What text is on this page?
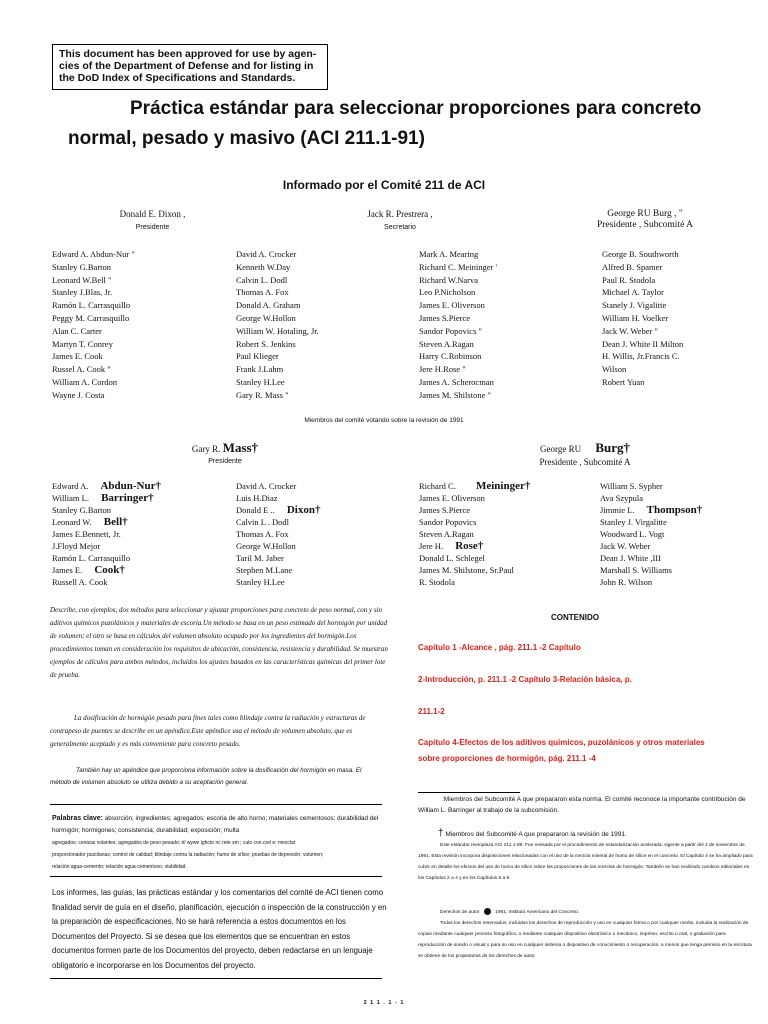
This document has been approved for use by agen-cies of the Department of Defense and for listing in the DoD Index of Specifications and Standards.
Práctica estándar para seleccionar proporciones para concreto
normal, pesado y masivo (ACI 211.1-91)
Informado por el Comité 211 de ACI
Donald E. Dixon ,
Presidente
Jack R. Prestrera ,
Secretario
George RU Burg , "
Presidente , Subcomité A
Edward A. Abdun-Nur "
Stanley G.Barton
Leonard W.Bell "
Stanley J.Blas, Jr.
Ramón L. Carrasquillo
Peggy M. Carrasquillo
Alan C. Carter
Martyn T. Conrey
James E. Cook
Russel A. Cook "
William A. Cordon
Wayne J. Costa
David A. Crocker
Kenneth W.Day
Calvin L. Dodl
Thomas A. Fox
Donald A. Graham
George W.Hollon
William W. Hotaling, Jr.
Robert S. Jenkins
Paul Klieger
Frank J.Lahm
Stanley H.Lee
Gary R. Mass "
Mark A. Mearing
Richard C. Meininger '
Richard W.Narva
Leo P.Nicholson
James E. Oliverson
James S.Pierce
Sandor Popovics "
Steven A.Ragan
Harry C.Robinson
Jere H.Rose "
James A. Scherocman
James M. Shilstone "
George B. Southworth
Alfred B. Spamer
Paul R. Stodola
Michael A. Taylor
Stanely J. Vigalitte
William H. Voelker
Jack W. Weber "
Dean J. White II Milton
H. Willis, Jr.Francis C.
Wilson
Robert Yuan
Miembros del comité votando sobre la revisión de 1991
Gary R. Mass†
Presidente
George RU Burg†
Presidente , Subcomité A
Edward A. Abdun-Nur†
William L. Barringer†
Stanley G.Barton
Leonard W. Bell†
James E.Bennett, Jr.
J.Floyd Mejor
Ramón L. Carrasquillo
James E. Cook†
Russell A. Cook
David A. Crocker
Luis H.Diaz
Donald E .. Dixon†
Calvin L . Dodl
Thomas A. Fox
George W.Hollon
Taril M. Jaber
Stephen M.Lane
Stanley H.Lee
Richard C. Meininger†
James E. Oliverson
James S.Pierce
Sandor Popovics
Steven A.Ragan
Jere H. Rose†
Donald L. Schlegel
James M. Shilstone, Sr.Paul
R. Stodola
William S. Sypher
Ava Szypula
Jimmie L. Thompson†
Stanley J. Virgalitte
Woodward L. Vogt
Jack W. Weber
Dean J. White ,III
Marshall S. Williams
John R. Wilson
Describe, con ejemplos, dos métodos para seleccionar y ajustar proporciones para concreto de peso normal, con y sin aditivos químicos puzolánicos y materiales de escoria.Un método se basa en un peso estimado del hormigón por unidad de volumen; el otro se basa en cálculos del volumen absoluto ocupado por los ingredientes del hormigón.Los procedimientos toman en consideración los requisitos de ubicación, consistencia, resistencia y durabilidad. Se muestran ejemplos de cálculos para ambos métodos, incluidos los ajustes basados en las características químicas del primer lote de prueba.
La dosificación de hormigón pesado para fines tales como blindaje contra la radiación y estructuras de contrapeso de puentes se describe en un apéndice.Este apéndice usa el método de volumen absoluto, que es generalmente aceptado y es más conveniente para concreto pesado.
También hay un apéndice que proporciona información sobre la dosificación del hormigón en masa. El método de volumen absoluto se utiliza debido a su aceptación general.
Palabras clave: absorción; ingredientes; agregados; escoria de alto horno; materiales cementosos; durabilidad del
hormigón; hormigones; consistencia; durabilidad; exposición; multa
agregados: cenizas volantes; agregados de peso pesado; él wywe ighcto nc rete sm ; culo con.crel e; mezclar
proporcionador puzolanas; control de calidad; blindaje contra la radiación; humo de sílice; pruebas de depresión; volumen;
relación agua-cemento; relación agua-cementoso; viabilidad.
Los informes, las guías, las prácticas estándar y los comentarios del comité de ACI tienen como finalidad servir de guía en el diseño, planificación, ejecución o inspección de la construcción y en la preparación de especificaciones. No se hará referencia a estos documentos en los Documentos del Proyecto. Si se desea que los elementos que se encuentran en estos documentos formen parte de los Documentos del proyecto, deben redactarse en un lenguaje obligatorio e incorporarse en los Documentos del proyecto.
CONTENIDO
Capítulo 1 -Alcance , pág. 211.1 -2 Capítulo
2-Introducción, p. 211.1 -2 Capítulo 3-Relación básica, p.
211.1-2
Capítulo 4-Efectos de los aditivos químicos, puzolánicos y otros materiales
sobre proporciones de hormigón, pág. 211.1 -4
:Miembros del Subcomité A que prepararon esta norma. El comité reconoce la importante contribución de William L. Barringer al trabajo de la subcomisión.
† Miembros del Subcomité A que prepararon la revisión de 1991.
Este estándar reemplaza ACI 211.1-89. Fue revisada por el procedimiento de estandarización acelerada, vigente a partir del 1 de noviembre de 1991. Esta revisión incorpora disposiciones relacionadas con el uso de la mezcla mineral de humo de sílice en el concreto. El Capítulo 4 se ha ampliado para cubrir en detalle los efectos del uso de humo de sílice sobre las proporciones de las mezclas de hormigón. También se han realizado cambios editoriales en los Capítulos 2 a 4 y en los Capítulos 6 a 8.
Derechos de autor	1991, Instituto Americano del Concreto.
Todos los derechos reservados, incluidos los derechos de reproducción y uso en cualquier forma o por cualquier medio, incluida la realización de copias mediante cualquier proceso fotográfico, o mediante cualquier dispositivo electrónico o mecánico, impreso, escrito u oral, o grabación para reproducción de sonido o visual o para su uso en cualquier sistema o dispositivo de conocimiento o recuperación, a menos que tenga permiso en la escritura se obtiene de los propietarios de los derechos de autor.
2 1 1 . 1 - 1
